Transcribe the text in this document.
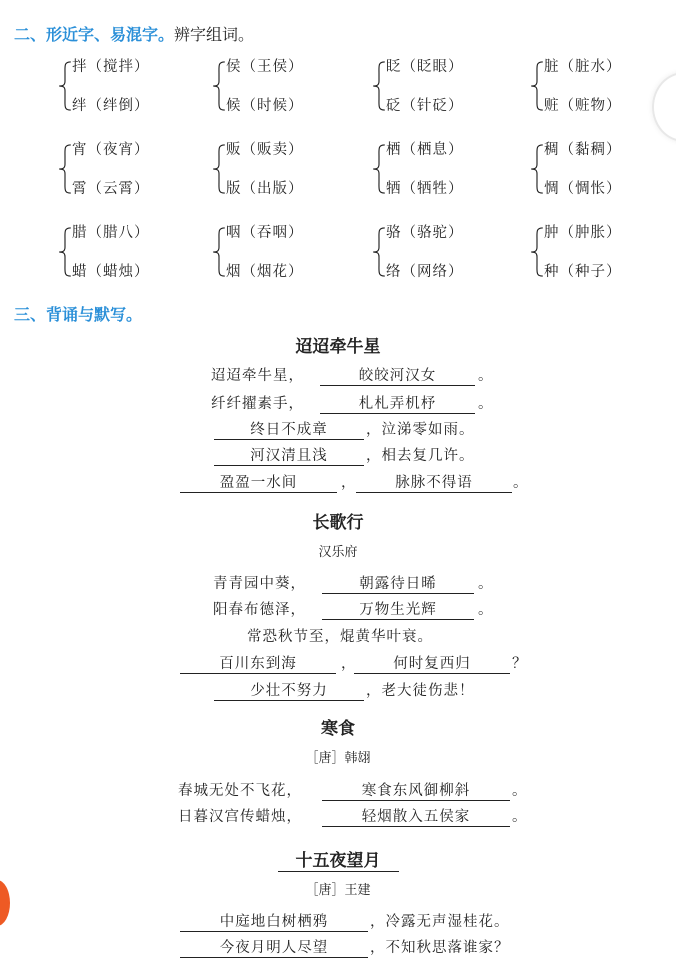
二、形近字、易混字。辨字组词。
拌（搅拌）
绊（绊倒）
侯（王侯）
候（时候）
眨（眨眼）
砭（针砭）
脏（脏水）
赃（赃物）
宵（夜宵）
霄（云霄）
贩（贩卖）
版（出版）
栖（栖息）
牺（牺牲）
稠（黏稠）
惆（惆怅）
腊（腊八）
蜡（蜡烛）
咽（吞咽）
烟（烟花）
骆（骆驼）
络（网络）
肿（肿胀）
种（种子）
三、背诵与默写。
迢迢牵牛星
迢迢牵牛星，	皎皎河汉女	。
纤纤擢素手，	札札弄机杼	。
终日不成章	，泣涕零如雨。
河汉清且浅	，相去复几许。
盈盈一水间	，	脉脉不得语	。
长歌行
汉乐府
青青园中葵，	朝露待日晞	。
阳春布德泽，	万物生光辉	。
常恐秋节至，焜黄华叶衰。
百川东到海	，	何时复西归	？
少壮不努力	，老大徒伤悲！
寒食
［唐］韩翃
春城无处不飞花，	寒食东风御柳斜	。
日暮汉宫传蜡烛，	轻烟散入五侯家	。
十五夜望月
［唐］王建
中庭地白树栖鸦	，冷露无声湿桂花。
今夜月明人尽望	，不知秋思落谁家？
